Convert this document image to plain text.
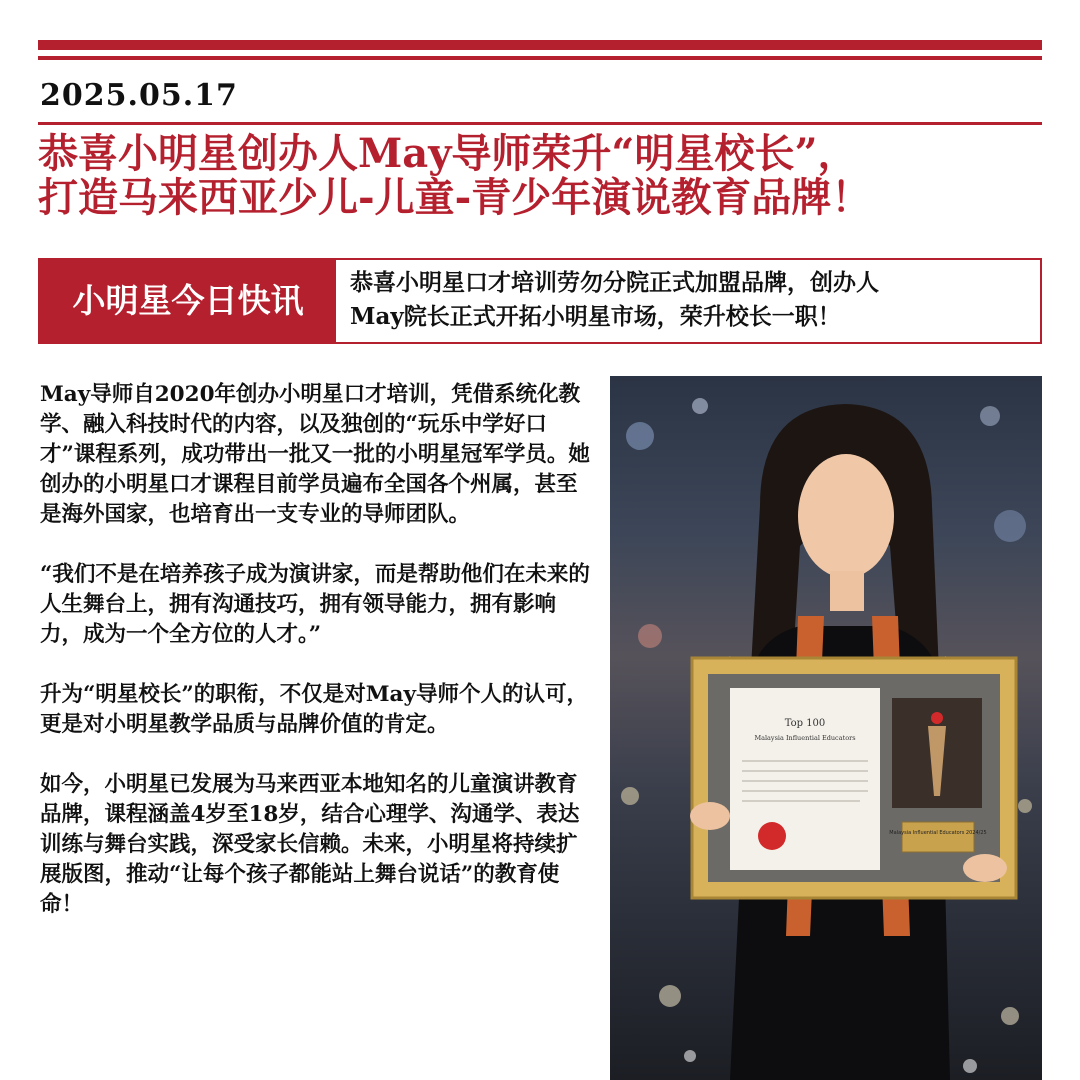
2025.05.17
恭喜小明星创办人May导师荣升“明星校长”，
打造马来西亚少儿-儿童-青少年演说教育品牌！
小明星今日快讯	恭喜小明星口才培训劳勿分院正式加盟品牌，创办人
May院长正式开拓小明星市场，荣升校长一职！

May导师自2020年创办小明星口才培训，凭借系统化教学、融入科技时代的内容，以及独创的“玩乐中学好口才”课程系列，成功带出一批又一批的小明星冠军学员。她创办的小明星口才课程目前学员遍布全国各个州属，甚至是海外国家，也培育出一支专业的导师团队。

“我们不是在培养孩子成为演讲家，而是帮助他们在未来的人生舞台上，拥有沟通技巧，拥有领导能力，拥有影响力，成为一个全方位的人才。”

升为“明星校长”的职衔，不仅是对May导师个人的认可，更是对小明星教学品质与品牌价值的肯定。

如今，小明星已发展为马来西亚本地知名的儿童演讲教育品牌，课程涵盖4岁至18岁，结合心理学、沟通学、表达训练与舞台实践，深受家长信赖。未来，小明星将持续扩展版图，推动“让每个孩子都能站上舞台说话”的教育使命！

Top 100
Malaysia Influential Educators
Malaysia Influential Educators 2024/25
